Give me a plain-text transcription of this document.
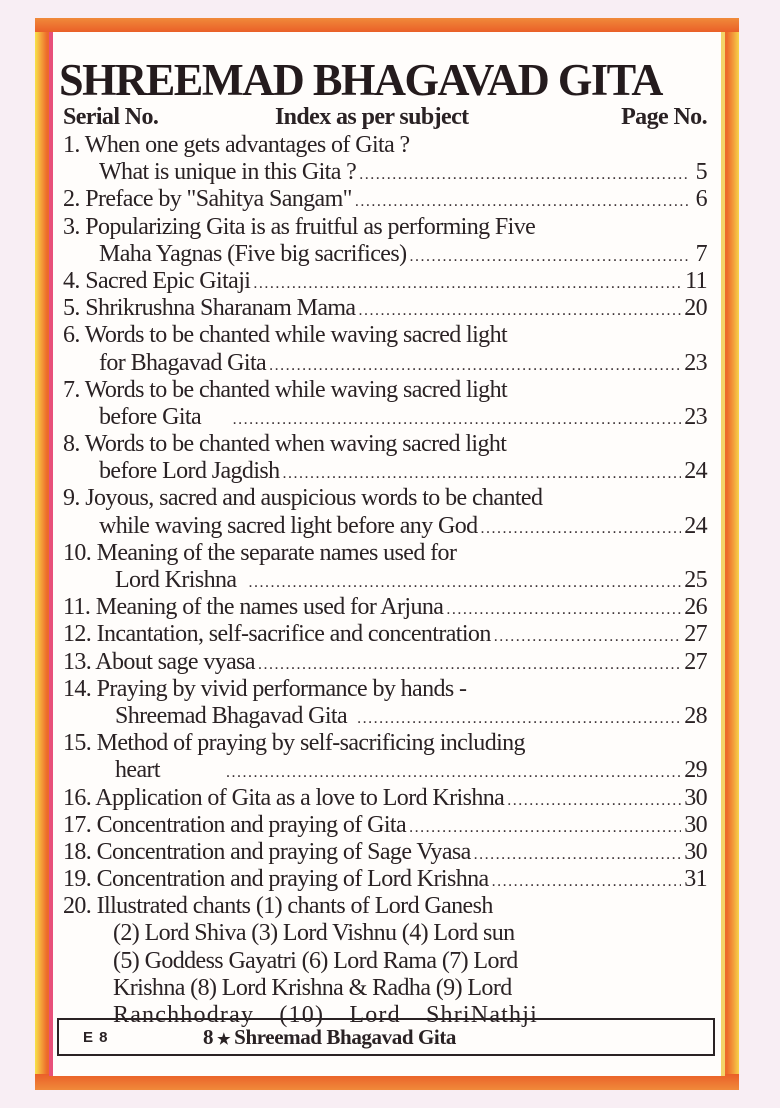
SHREEMAD BHAGAVAD GITA
Serial No.	Index as per subject	Page No.
1. When one gets advantages of Gita ?
What is unique in this Gita ? .....	5
2. Preface by "Sahitya Sangam" .....	6
3. Popularizing Gita is as fruitful as performing Five
Maha Yagnas (Five big sacrifices) .....	7
4. Sacred Epic Gitaji .....	11
5. Shrikrushna Sharanam Mama .....	20
6. Words to be chanted while waving sacred light
for Bhagavad Gita .....	23
7. Words to be chanted while waving sacred light
before Gita .....	23
8. Words to be chanted when waving sacred light
before Lord Jagdish .....	24
9. Joyous, sacred and auspicious words to be chanted
while waving sacred light before any God .....	24
10. Meaning of the separate names used for
Lord Krishna .....	25
11. Meaning of the names used for Arjuna .....	26
12. Incantation, self-sacrifice and concentration .....	27
13. About sage vyasa .....	27
14. Praying by vivid performance by hands -
Shreemad Bhagavad Gita .....	28
15. Method of praying by self-sacrificing including
heart .....	29
16. Application of Gita as a love to Lord Krishna .....	30
17. Concentration and praying of Gita .....	30
18. Concentration and praying of Sage Vyasa .....	30
19. Concentration and praying of Lord Krishna .....	31
20. Illustrated chants (1) chants of Lord Ganesh
(2) Lord Shiva (3) Lord Vishnu (4) Lord sun
(5) Goddess Gayatri (6) Lord Rama (7) Lord
Krishna (8) Lord Krishna & Radha (9) Lord
Ranchhodray (10) Lord ShriNathji
E 8	8 ★ Shreemad Bhagavad Gita
